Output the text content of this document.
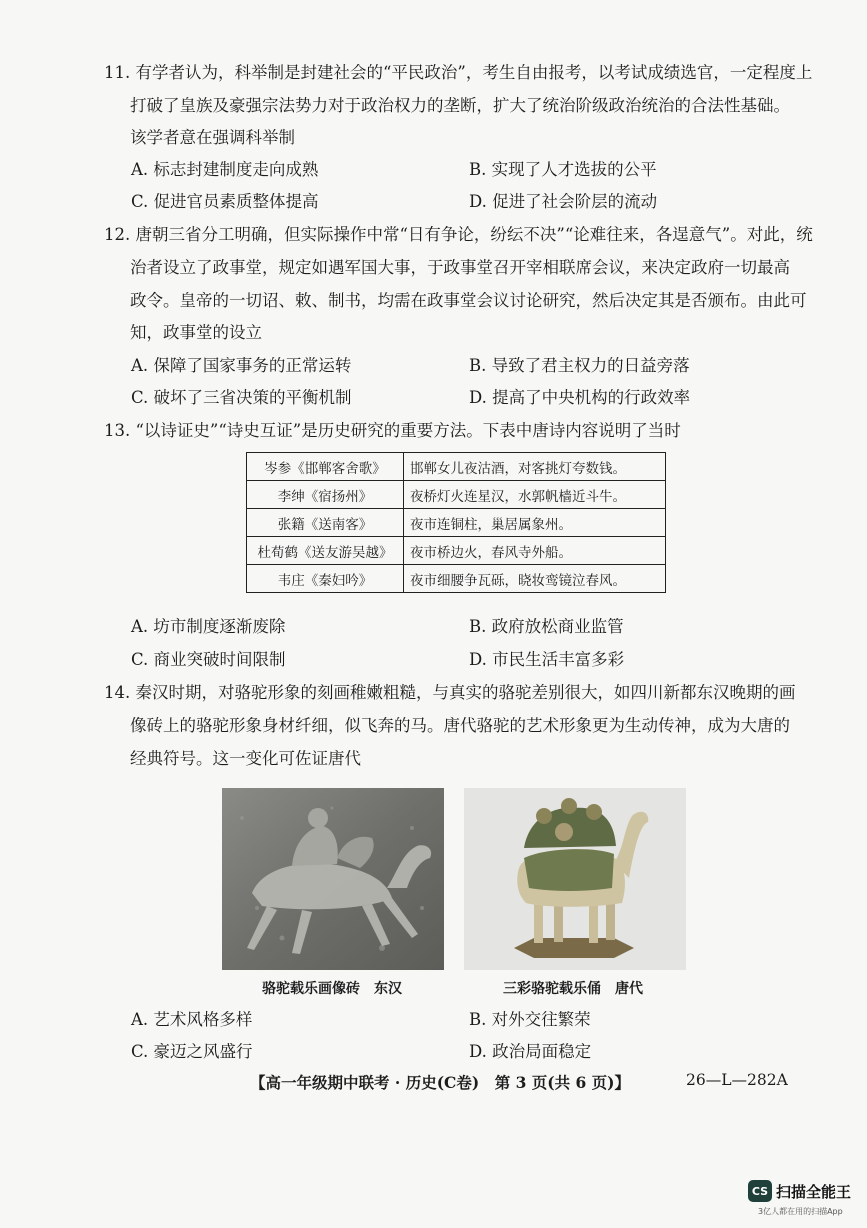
11. 有学者认为，科举制是封建社会的“平民政治”，考生自由报考，以考试成绩选官，一定程度上
打破了皇族及豪强宗法势力对于政治权力的垄断，扩大了统治阶级政治统治的合法性基础。
该学者意在强调科举制
A. 标志封建制度走向成熟	B. 实现了人才选拔的公平
C. 促进官员素质整体提高	D. 促进了社会阶层的流动
12. 唐朝三省分工明确，但实际操作中常“日有争论，纷纭不决”“论难往来，各逞意气”。对此，统
治者设立了政事堂，规定如遇军国大事，于政事堂召开宰相联席会议，来决定政府一切最高
政令。皇帝的一切诏、敕、制书，均需在政事堂会议讨论研究，然后决定其是否颁布。由此可
知，政事堂的设立
A. 保障了国家事务的正常运转	B. 导致了君主权力的日益旁落
C. 破坏了三省决策的平衡机制	D. 提高了中央机构的行政效率
13. “以诗证史”“诗史互证”是历史研究的重要方法。下表中唐诗内容说明了当时
岑参《邯郸客舍歌》	邯郸女儿夜沽酒，对客挑灯夸数钱。
李绅《宿扬州》	夜桥灯火连星汉，水郭帆樯近斗牛。
张籍《送南客》	夜市连铜柱，巢居属象州。
杜荀鹤《送友游吴越》	夜市桥边火，春风寺外船。
韦庄《秦妇吟》	夜市细腰争瓦砾，晓妆鸾镜泣春风。
A. 坊市制度逐渐废除	B. 政府放松商业监管
C. 商业突破时间限制	D. 市民生活丰富多彩
14. 秦汉时期，对骆驼形象的刻画稚嫩粗糙，与真实的骆驼差别很大，如四川新都东汉晚期的画
像砖上的骆驼形象身材纤细，似飞奔的马。唐代骆驼的艺术形象更为生动传神，成为大唐的
经典符号。这一变化可佐证唐代
骆驼载乐画像砖　东汉	三彩骆驼载乐俑　唐代
A. 艺术风格多样	B. 对外交往繁荣
C. 豪迈之风盛行	D. 政治局面稳定
【高一年级期中联考 · 历史(C卷)　第 3 页(共 6 页)】	26—L—282A
CS 扫描全能王
3亿人都在用的扫描App
